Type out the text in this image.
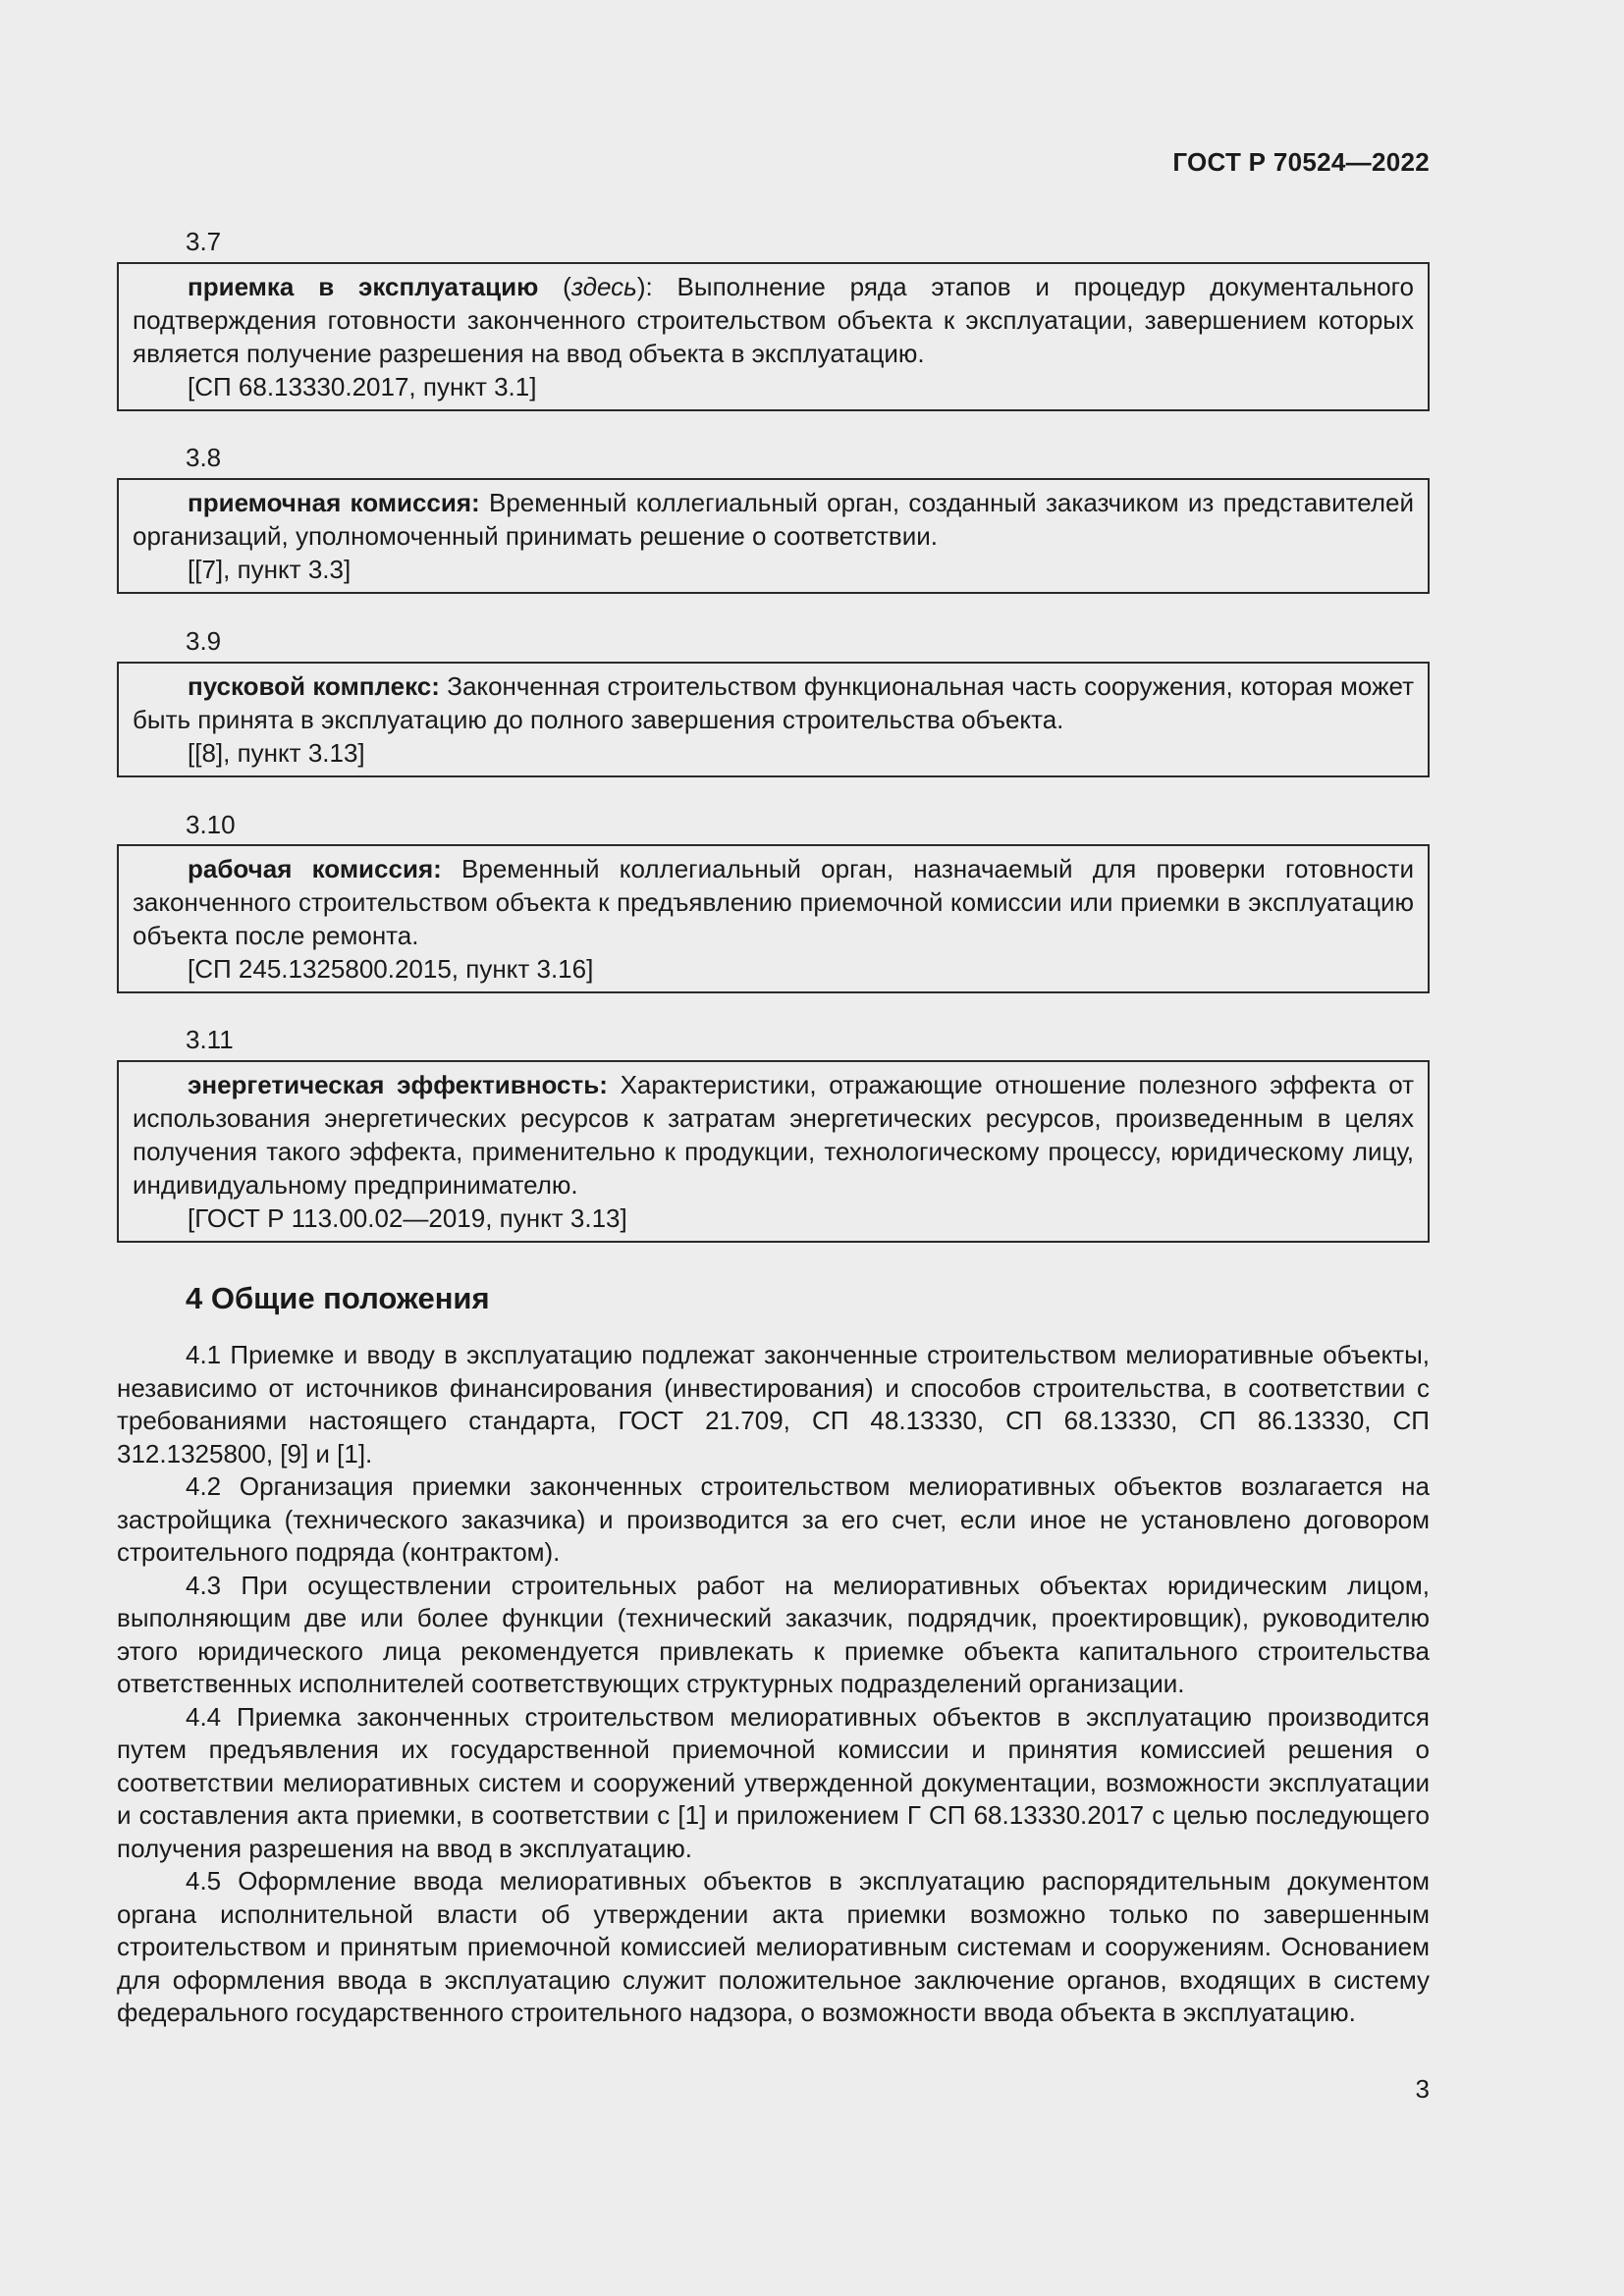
ГОСТ Р 70524—2022
3.7

приемка в эксплуатацию (здесь): Выполнение ряда этапов и процедур документального подтверждения готовности законченного строительством объекта к эксплуатации, завершением которых является получение разрешения на ввод объекта в эксплуатацию.

[СП 68.13330.2017, пункт 3.1]
3.8

приемочная комиссия: Временный коллегиальный орган, созданный заказчиком из представителей организаций, уполномоченный принимать решение о соответствии.

[[7], пункт 3.3]
3.9

пусковой комплекс: Законченная строительством функциональная часть сооружения, которая может быть принята в эксплуатацию до полного завершения строительства объекта.

[[8], пункт 3.13]
3.10

рабочая комиссия: Временный коллегиальный орган, назначаемый для проверки готовности законченного строительством объекта к предъявлению приемочной комиссии или приемки в эксплуатацию объекта после ремонта.

[СП 245.1325800.2015, пункт 3.16]
3.11

энергетическая эффективность: Характеристики, отражающие отношение полезного эффекта от использования энергетических ресурсов к затратам энергетических ресурсов, произведенным в целях получения такого эффекта, применительно к продукции, технологическому процессу, юридическому лицу, индивидуальному предпринимателю.

[ГОСТ Р 113.00.02—2019, пункт 3.13]
4 Общие положения

4.1 Приемке и вводу в эксплуатацию подлежат законченные строительством мелиоративные объекты, независимо от источников финансирования (инвестирования) и способов строительства, в соответствии с требованиями настоящего стандарта, ГОСТ 21.709, СП 48.13330, СП 68.13330, СП 86.13330, СП 312.1325800, [9] и [1].

4.2 Организация приемки законченных строительством мелиоративных объектов возлагается на застройщика (технического заказчика) и производится за его счет, если иное не установлено договором строительного подряда (контрактом).

4.3 При осуществлении строительных работ на мелиоративных объектах юридическим лицом, выполняющим две или более функции (технический заказчик, подрядчик, проектировщик), руководителю этого юридического лица рекомендуется привлекать к приемке объекта капитального строительства ответственных исполнителей соответствующих структурных подразделений организации.

4.4 Приемка законченных строительством мелиоративных объектов в эксплуатацию производится путем предъявления их государственной приемочной комиссии и принятия комиссией решения о соответствии мелиоративных систем и сооружений утвержденной документации, возможности эксплуатации и составления акта приемки, в соответствии с [1] и приложением Г СП 68.13330.2017 с целью последующего получения разрешения на ввод в эксплуатацию.

4.5 Оформление ввода мелиоративных объектов в эксплуатацию распорядительным документом органа исполнительной власти об утверждении акта приемки возможно только по завершенным строительством и принятым приемочной комиссией мелиоративным системам и сооружениям. Основанием для оформления ввода в эксплуатацию служит положительное заключение органов, входящих в систему федерального государственного строительного надзора, о возможности ввода объекта в эксплуатацию.

3
